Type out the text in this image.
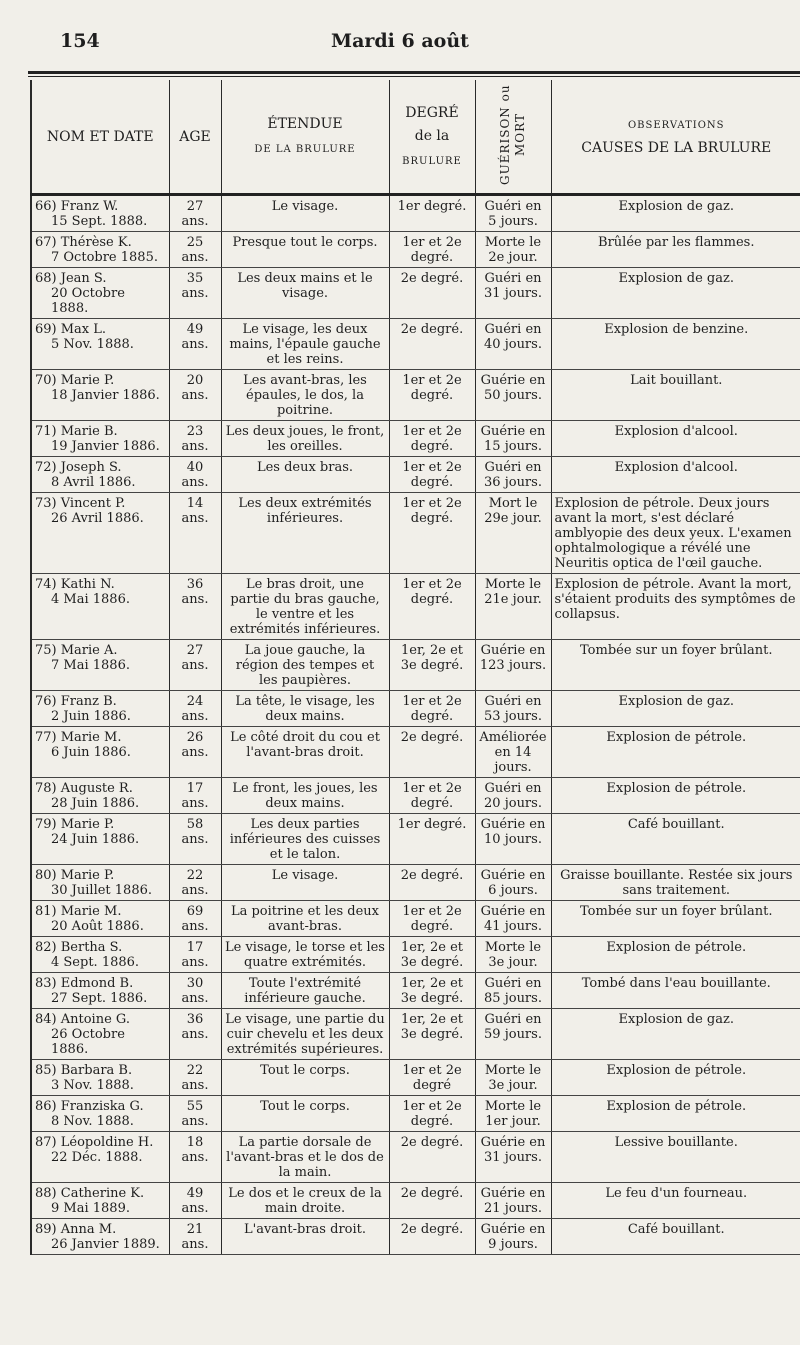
Mardi 6 août
154
NOM ET DATE	AGE	ÉTENDUE
DE LA BRULURE	DEGRÉ
de la
BRULURE	GUÉRISON ou MORT	OBSERVATIONS
CAUSES DE LA BRULURE

66) Franz W.
15 Sept. 1888.	27 ans.	Le visage.	1er degré.	Guéri en 5 jours.	Explosion de gaz.

67) Thérèse K.
7 Octobre 1885.	25 ans.	Presque tout le corps.	1er et 2e degré.	Morte le 2e jour.	Brûlée par les flammes.

68) Jean S.
20 Octobre 1888.	35 ans.	Les deux mains et le visage.	2e degré.	Guéri en 31 jours.	Explosion de gaz.

69) Max L.
5 Nov. 1888.	49 ans.	Le visage, les deux mains, l'épaule gauche et les reins.	2e degré.	Guéri en 40 jours.	Explosion de benzine.

70) Marie P.
18 Janvier 1886.	20 ans.	Les avant-bras, les épaules, le dos, la poitrine.	1er et 2e degré.	Guérie en 50 jours.	Lait bouillant.

71) Marie B.
19 Janvier 1886.	23 ans.	Les deux joues, le front, les oreilles.	1er et 2e degré.	Guérie en 15 jours.	Explosion d'alcool.

72) Joseph S.
8 Avril 1886.	40 ans.	Les deux bras.	1er et 2e degré.	Guéri en 36 jours.	Explosion d'alcool.

73) Vincent P.
26 Avril 1886.	14 ans.	Les deux extrémités inférieures.	1er et 2e degré.	Mort le 29e jour.	Explosion de pétrole. Deux jours avant la mort, s'est déclaré amblyopie des deux yeux. L'examen ophtalmologique a révélé une Neuritis optica de l'œil gauche.

74) Kathi N.
4 Mai 1886.	36 ans.	Le bras droit, une partie du bras gauche, le ventre et les extrémités inférieures.	1er et 2e degré.	Morte le 21e jour.	Explosion de pétrole. Avant la mort, s'étaient produits des symptômes de collapsus.

75) Marie A.
7 Mai 1886.	27 ans.	La joue gauche, la région des tempes et les paupières.	1er, 2e et 3e degré.	Guérie en 123 jours.	Tombée sur un foyer brûlant.

76) Franz B.
2 Juin 1886.	24 ans.	La tête, le visage, les deux mains.	1er et 2e degré.	Guéri en 53 jours.	Explosion de gaz.

77) Marie M.
6 Juin 1886.	26 ans.	Le côté droit du cou et l'avant-bras droit.	2e degré.	Améliorée en 14 jours.	Explosion de pétrole.

78) Auguste R.
28 Juin 1886.	17 ans.	Le front, les joues, les deux mains.	1er et 2e degré.	Guéri en 20 jours.	Explosion de pétrole.

79) Marie P.
24 Juin 1886.	58 ans.	Les deux parties inférieures des cuisses et le talon.	1er degré.	Guérie en 10 jours.	Café bouillant.

80) Marie P.
30 Juillet 1886.	22 ans.	Le visage.	2e degré.	Guérie en 6 jours.	Graisse bouillante. Restée six jours sans traitement.

81) Marie M.
20 Août 1886.	69 ans.	La poitrine et les deux avant-bras.	1er et 2e degré.	Guérie en 41 jours.	Tombée sur un foyer brûlant.

82) Bertha S.
4 Sept. 1886.	17 ans.	Le visage, le torse et les quatre extrémités.	1er, 2e et 3e degré.	Morte le 3e jour.	Explosion de pétrole.

83) Edmond B.
27 Sept. 1886.	30 ans.	Toute l'extrémité inférieure gauche.	1er, 2e et 3e degré.	Guéri en 85 jours.	Tombé dans l'eau bouillante.

84) Antoine G.
26 Octobre 1886.	36 ans.	Le visage, une partie du cuir chevelu et les deux extrémités supérieures.	1er, 2e et 3e degré.	Guéri en 59 jours.	Explosion de gaz.

85) Barbara B.
3 Nov. 1888.	22 ans.	Tout le corps.	1er et 2e degré	Morte le 3e jour.	Explosion de pétrole.

86) Franziska G.
8 Nov. 1888.	55 ans.	Tout le corps.	1er et 2e degré.	Morte le 1er jour.	Explosion de pétrole.

87) Léopoldine H.
22 Déc. 1888.	18 ans.	La partie dorsale de l'avant-bras et le dos de la main.	2e degré.	Guérie en 31 jours.	Lessive bouillante.

88) Catherine K.
9 Mai 1889.	49 ans.	Le dos et le creux de la main droite.	2e degré.	Guérie en 21 jours.	Le feu d'un fourneau.

89) Anna M.
26 Janvier 1889.	21 ans.	L'avant-bras droit.	2e degré.	Guérie en 9 jours.	Café bouillant.
